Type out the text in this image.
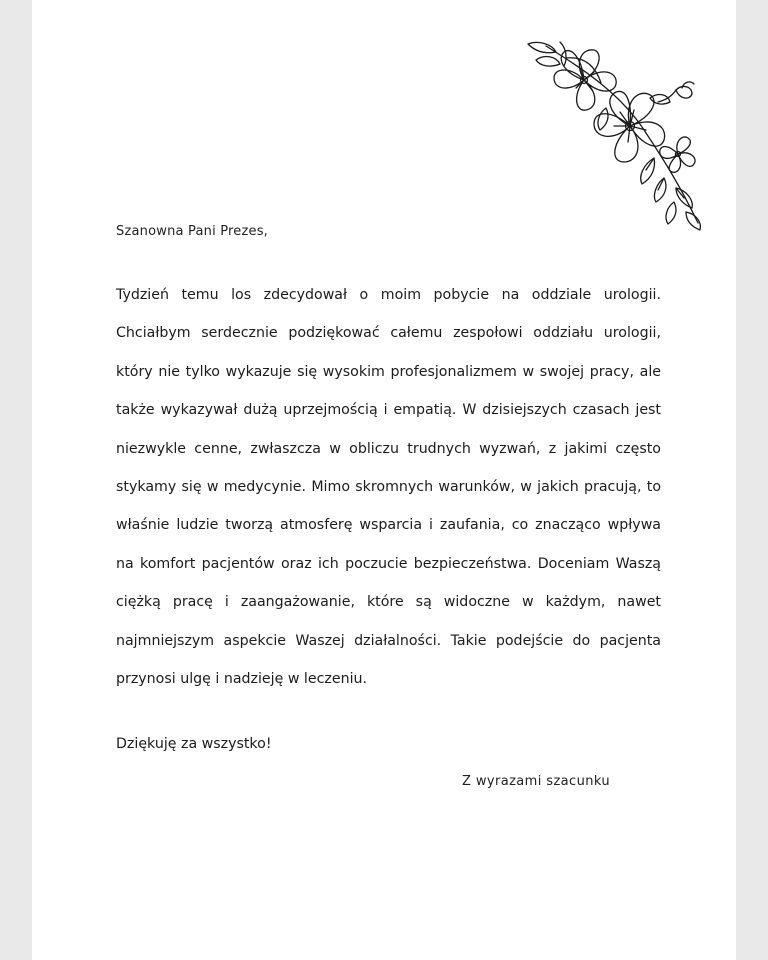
Szanowna Pani Prezes,

Tydzień temu los zdecydował o moim pobycie na oddziale urologii. Chciałbym serdecznie podziękować całemu zespołowi oddziału urologii, który nie tylko wykazuje się wysokim profesjonalizmem w swojej pracy, ale także wykazywał dużą uprzejmością i empatią. W dzisiejszych czasach jest niezwykle cenne, zwłaszcza w obliczu trudnych wyzwań, z jakimi często stykamy się w medycynie. Mimo skromnych warunków, w jakich pracują, to właśnie ludzie tworzą atmosferę wsparcia i zaufania, co znacząco wpływa na komfort pacjentów oraz ich poczucie bezpieczeństwa. Doceniam Waszą ciężką pracę i zaangażowanie, które są widoczne w każdym, nawet najmniejszym aspekcie Waszej działalności. Takie podejście do pacjenta przynosi ulgę i nadzieję w leczeniu.

Dziękuję za wszystko!
Z wyrazami szacunku
